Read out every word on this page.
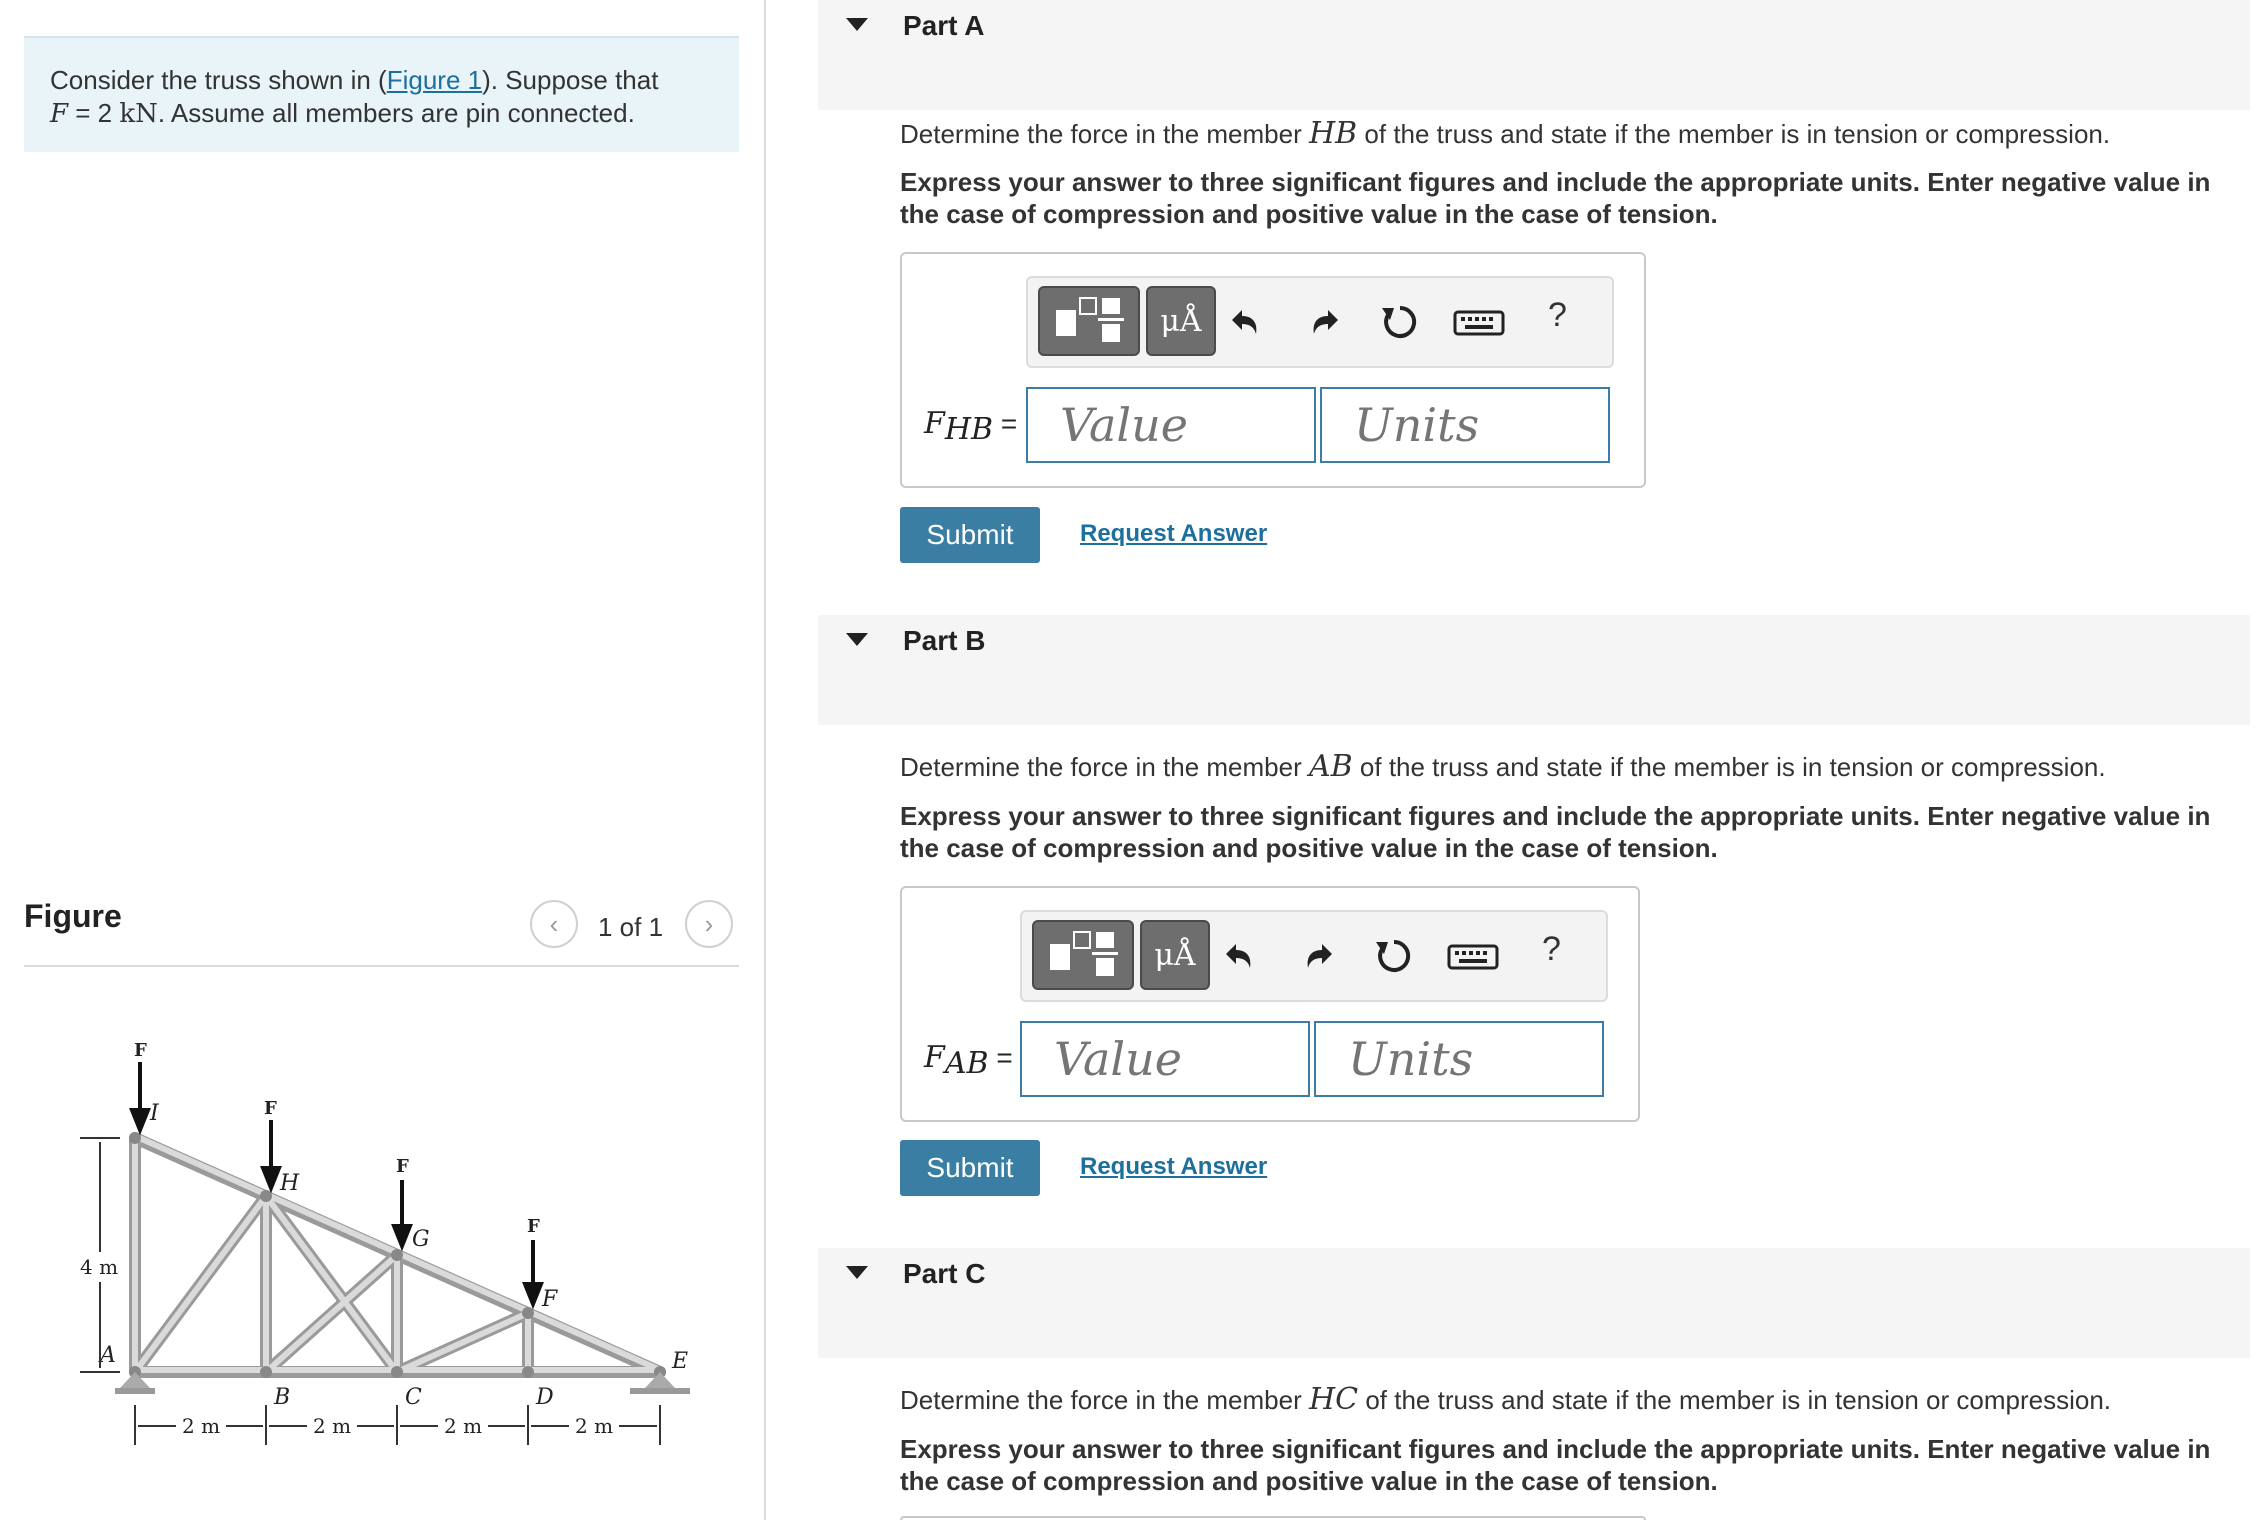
Consider the truss shown in (Figure 1). Suppose that
F = 2 kN. Assume all members are pin connected.
Figure	‹ 1 of 1 ›
F
F
F
F
A
B	C	D
E
F
G
H
I
4 m
2 m	2 m	2 m	2 m
Part A
Determine the force in the member HB of the truss and state if the member is in tension or compression.
Express your answer to three significant figures and include the appropriate units. Enter negative value in the case of compression and positive value in the case of tension.
μÅ	?
$F_{HB}$ =
Value
Units
Submit	Request Answer
Part B
Determine the force in the member AB of the truss and state if the member is in tension or compression.
Express your answer to three significant figures and include the appropriate units. Enter negative value in the case of compression and positive value in the case of tension.
μÅ	?
$F_{AB}$ =
Value
Units
Submit	Request Answer
Part C
Determine the force in the member HC of the truss and state if the member is in tension or compression.
Express your answer to three significant figures and include the appropriate units. Enter negative value in the case of compression and positive value in the case of tension.
